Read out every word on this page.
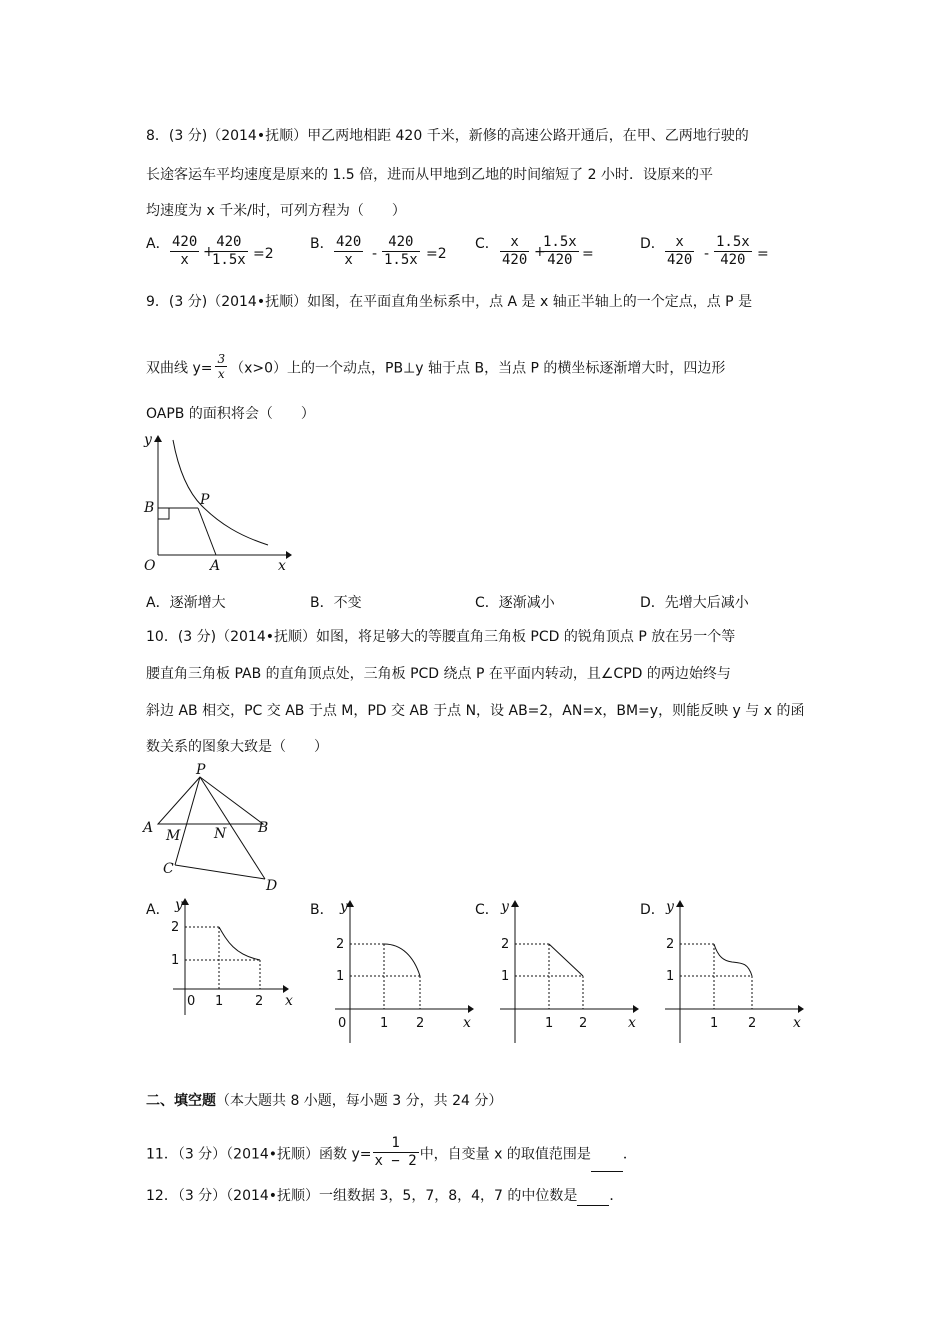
8．(3 分)（2014•抚顺）甲乙两地相距 420 千米，新修的高速公路开通后，在甲、乙两地行驶的
长途客运车平均速度是原来的 1.5 倍，进而从甲地到乙地的时间缩短了 2 小时．设原来的平
均速度为 x 千米/时，可列方程为（　　）
A． $\frac{420}{x}$ +
$\frac{420}{1.5x} =2$
B． $\frac{420}{x} - \frac{420}{1.5x} =2$
C． $\frac{x}{420}$ +
$\frac{1.5x}{420}$ =
D． $\frac{x}{420} - \frac{1.5x}{420}$ =
9．(3 分)（2014•抚顺）如图，在平面直角坐标系中，点 A 是 x 轴正半轴上的一个定点，点 P 是
双曲线 $y= \frac{3}{x} (x>0)$上的一个动点，PB⊥y 轴于点 B，当点 P 的横坐标逐渐增大时，四边形
OAPB 的面积将会（　　）
y
x
O	A
B	P
A．逐渐增大	B．不变	C．逐渐减小	D．先增大后减小
10．(3 分)（2014•抚顺）如图，将足够大的等腰直角三角板 PCD 的锐角顶点 P 放在另一个等
腰直角三角板 PAB 的直角顶点处，三角板 PCD 绕点 P 在平面内转动，且∠CPD 的两边始终与
斜边 AB 相交，PC 交 AB 于点 M，PD 交 AB 于点 N，设 AB=2，AN=x，BM=y，则能反映 y 与 x 的函
数关系的图象大致是（　　）
P
A M N B
C
D
A． y
x
2
1
0 1 2
B． y
x
2
1
0	1 2
C． y
x
2
1
1 2
D． y
x
2
1
1 2
二、填空题（本大题共 8 小题，每小题 3 分，共 24 分）
11．（3 分）（2014•抚顺）函数 $y= \frac{1}{x - 2}$ 中，自变量 x 的取值范围是 ．
12．（3 分）（2014•抚顺）一组数据 3，5，7，8，4，7 的中位数是 ．
